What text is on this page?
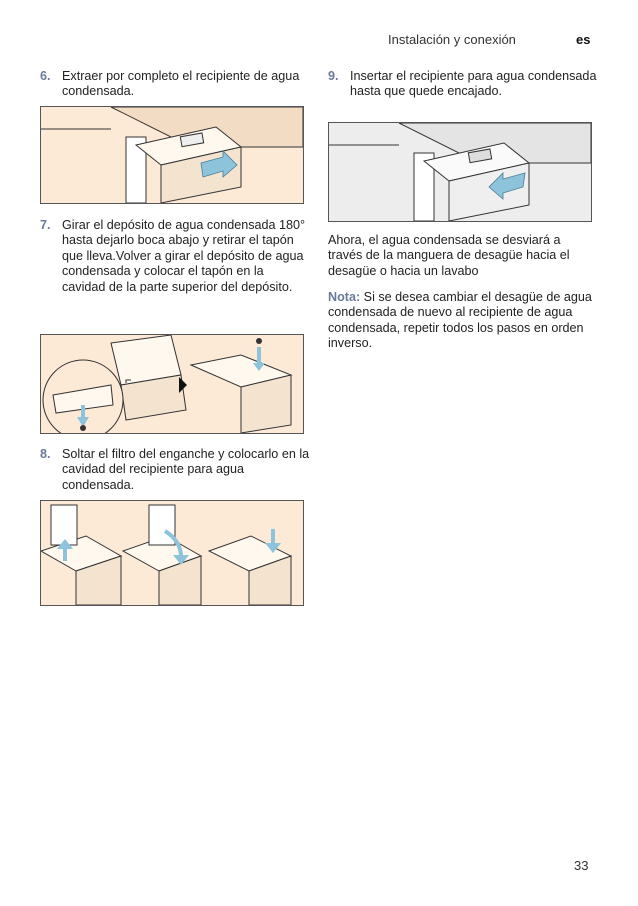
Instalación y conexión	es
6. Extraer por completo el recipiente de agua condensada.
7. Girar el depósito de agua condensada 180° hasta dejarlo boca abajo y retirar el tapón que lleva.Volver a girar el depósito de agua condensada y colocar el tapón en la cavidad de la parte superior del depósito.
8. Soltar el filtro del enganche y colocarlo en la cavidad del recipiente para agua condensada.
9. Insertar el recipiente para agua condensada hasta que quede encajado.
Ahora, el agua condensada se desviará a través de la manguera de desagüe hacia el desagüe o hacia un lavabo
Nota: Si se desea cambiar el desagüe de agua condensada de nuevo al recipiente de agua condensada, repetir todos los pasos en orden inverso.
33
